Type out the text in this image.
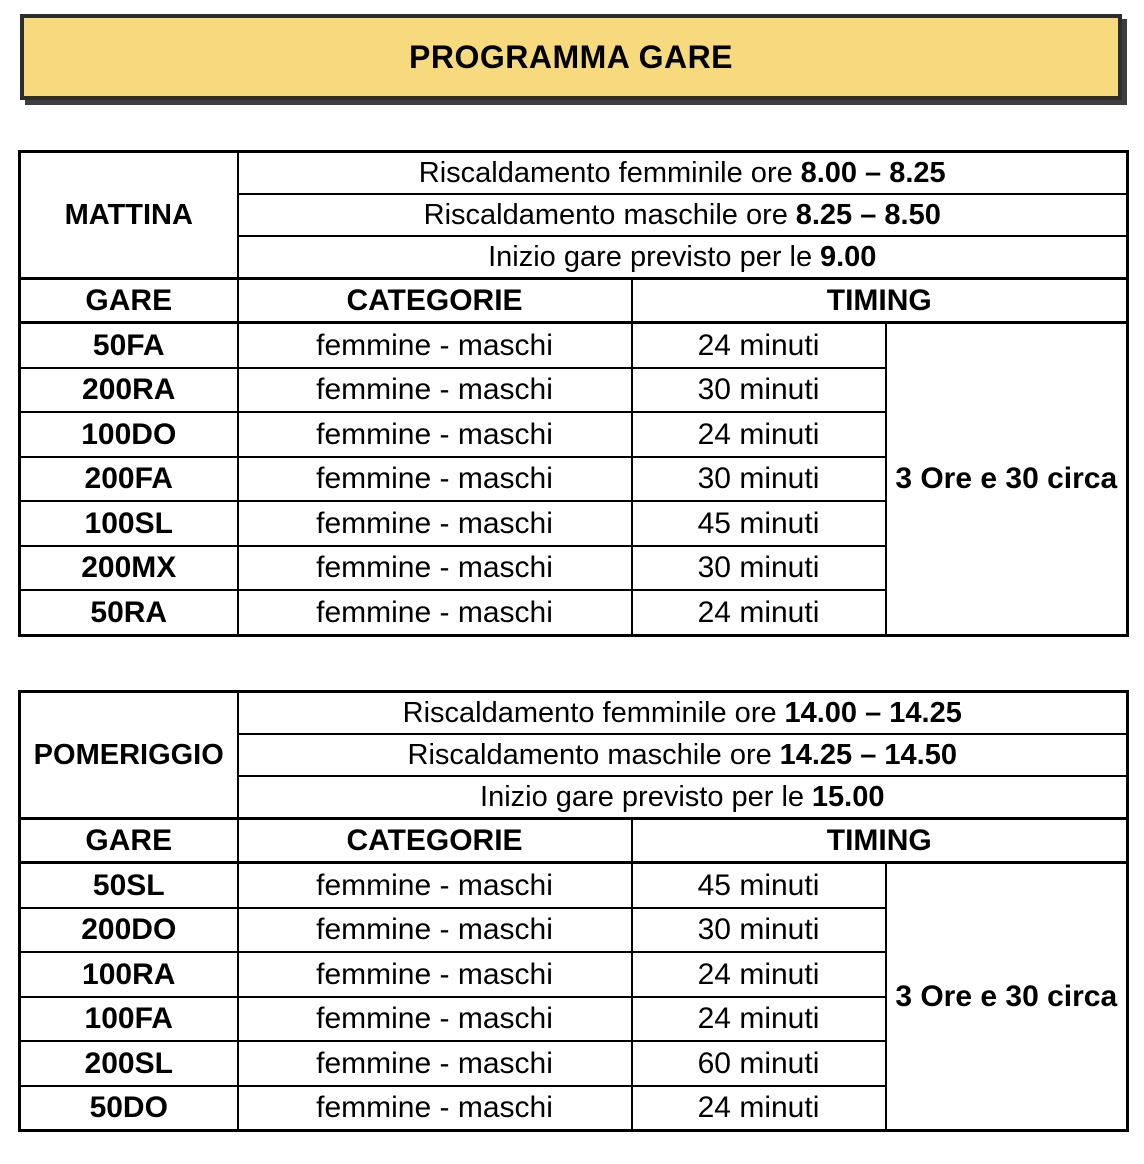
PROGRAMMA GARE
MATTINA	Riscaldamento femminile ore 8.00 – 8.25		
	Riscaldamento maschile ore 8.25 – 8.50		
	Inizio gare previsto per le 9.00		
GARE	CATEGORIE	TIMING	
50FA	femmine - maschi	24 minuti	3 Ore e 30 circa
200RA	femmine - maschi	30 minuti	
100DO	femmine - maschi	24 minuti	
200FA	femmine - maschi	30 minuti	
100SL	femmine - maschi	45 minuti	
200MX	femmine - maschi	30 minuti	
50RA	femmine - maschi	24 minuti	
POMERIGGIO	Riscaldamento femminile ore 14.00 – 14.25		
	Riscaldamento maschile ore 14.25 – 14.50		
	Inizio gare previsto per le 15.00		
GARE	CATEGORIE	TIMING	
50SL	femmine - maschi	45 minuti	3 Ore e 30 circa
200DO	femmine - maschi	30 minuti	
100RA	femmine - maschi	24 minuti	
100FA	femmine - maschi	24 minuti	
200SL	femmine - maschi	60 minuti	
50DO	femmine - maschi	24 minuti	
